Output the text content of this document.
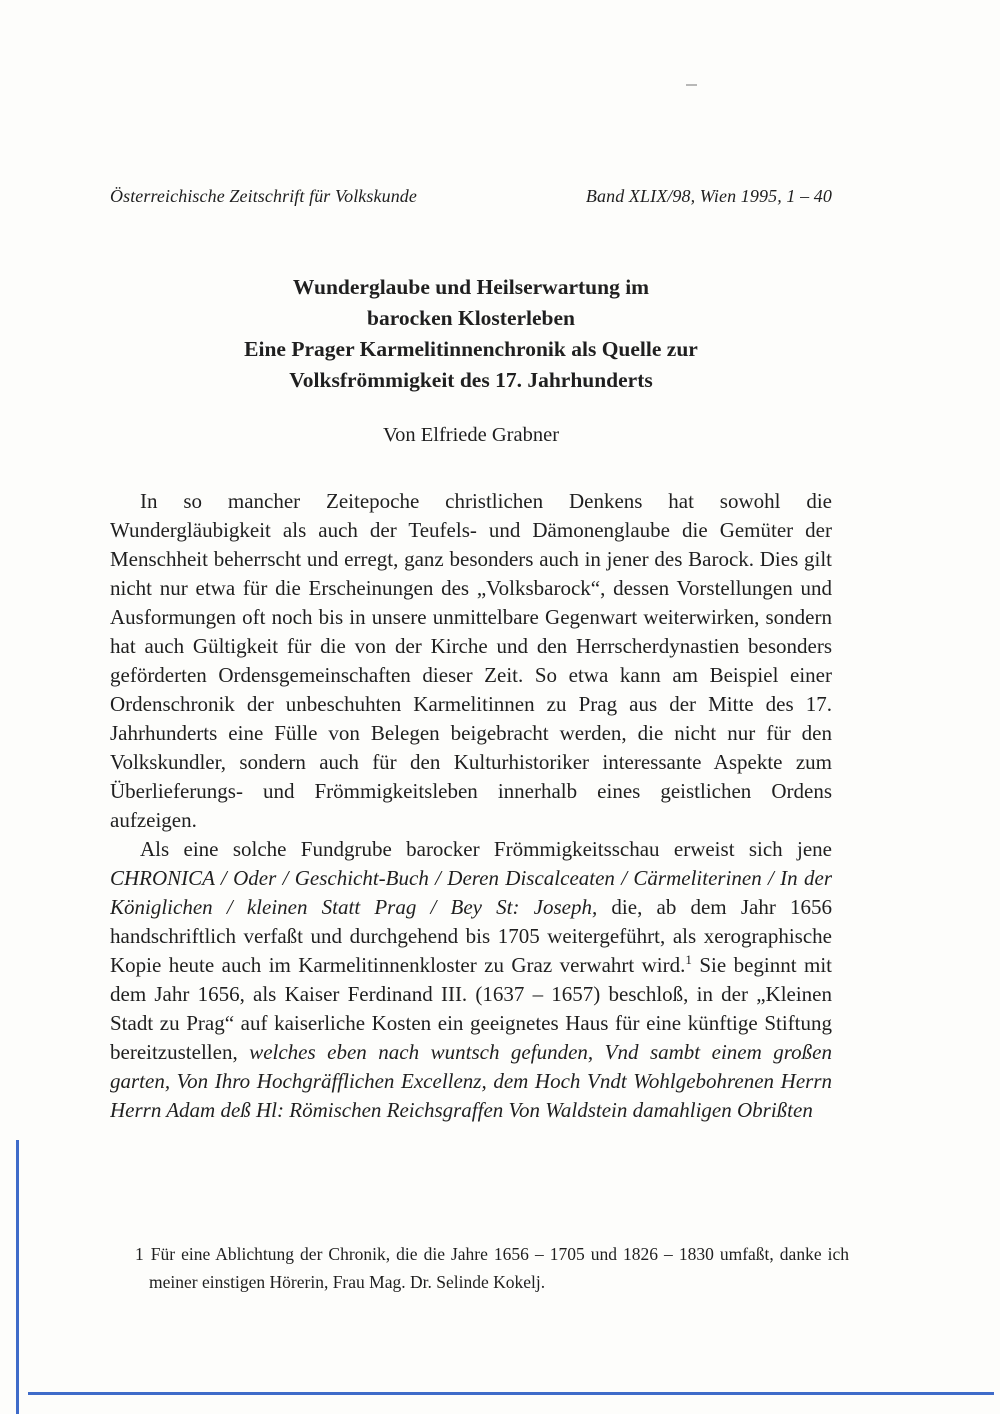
Österreichische Zeitschrift für Volkskunde	Band XLIX/98, Wien 1995, 1 – 40
Wunderglaube und Heilserwartung im
barocken Klosterleben
Eine Prager Karmelitinnenchronik als Quelle zur
Volksfrömmigkeit des 17. Jahrhunderts
Von Elfriede Grabner

In so mancher Zeitepoche christlichen Denkens hat sowohl die Wundergläubigkeit als auch der Teufels- und Dämonenglaube die Gemüter der Menschheit beherrscht und erregt, ganz besonders auch in jener des Barock. Dies gilt nicht nur etwa für die Erscheinungen des „Volksbarock“, dessen Vorstellungen und Ausformungen oft noch bis in unsere unmittelbare Gegenwart weiterwirken, sondern hat auch Gültigkeit für die von der Kirche und den Herrscherdynastien besonders geförderten Ordensgemeinschaften dieser Zeit. So etwa kann am Beispiel einer Ordenschronik der unbeschuhten Karmelitinnen zu Prag aus der Mitte des 17. Jahrhunderts eine Fülle von Belegen beigebracht werden, die nicht nur für den Volkskundler, sondern auch für den Kulturhistoriker interessante Aspekte zum Überlieferungs- und Frömmigkeitsleben innerhalb eines geistlichen Ordens aufzeigen.

Als eine solche Fundgrube barocker Frömmigkeitsschau erweist sich jene CHRONICA / Oder / Geschicht-Buch / Deren Discalceaten / Cärmeliterinen / In der Königlichen / kleinen Statt Prag / Bey St: Joseph, die, ab dem Jahr 1656 handschriftlich verfaßt und durchgehend bis 1705 weitergeführt, als xerographische Kopie heute auch im Karmelitinnenkloster zu Graz verwahrt wird.$^1$ Sie beginnt mit dem Jahr 1656, als Kaiser Ferdinand III. (1637 – 1657) beschloß, in der „Kleinen Stadt zu Prag“ auf kaiserliche Kosten ein geeignetes Haus für eine künftige Stiftung bereitzustellen, welches eben nach wuntsch gefunden, Vnd sambt einem großen garten, Von Ihro Hochgräfflichen Excellenz, dem Hoch Vndt Wohlgebohrenen Herrn Herrn Adam deß Hl: Römischen Reichsgraffen Von Waldstein damahligen Obrißten

1 Für eine Ablichtung der Chronik, die die Jahre 1656 – 1705 und 1826 – 1830 umfaßt, danke ich meiner einstigen Hörerin, Frau Mag. Dr. Selinde Kokelj.
